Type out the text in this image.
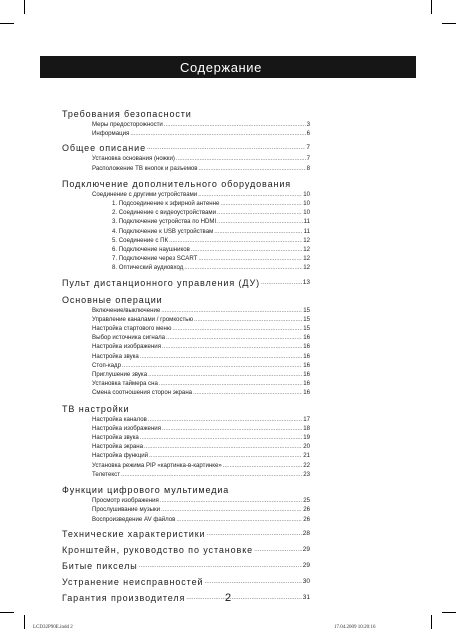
Содержание
Требования безопасности
Меры предосторожности .....	3
Информация .....	6
Общее описание .....	7
Установка основания (ножки) .....	7
Расположение ТВ кнопок и разъемов .....	8
Подключение дополнительного оборудования
Соединение с другими устройствами .....	10
1. Подсоединение к эфирной антенне .....	10
2. Соединение с видеоустройствами .....	10
3. Подключение устройства по HDMI .....	11
4. Подключение к USB устройствам .....	11
5. Соединение с ПК .....	12
6. Подключение наушников .....	12
7. Подключение через SCART .....	12
8. Оптический аудиовход .....	12
Пульт дистанционного управления (ДУ) .....	13
Основные операции
Включение/выключение .....	15
Управление каналами / громкостью .....	15
Настройка стартового меню .....	15
Выбор источника сигнала .....	16
Настройка изображения .....	16
Настройка звука .....	16
Стоп-кадр .....	16
Приглушение звука .....	16
Установка таймера сна .....	16
Смена соотношения сторон экрана .....	16
ТВ настройки
Настройка каналов .....	17
Настройка изображения .....	18
Настройка звука .....	19
Настройка экрана .....	20
Настройка функций .....	21
Установка режима PIP «картинка-в-картинке» .....	22
Телетекст .....	23
Функции цифрового мультимедиа
Просмотр изображения .....	25
Прослушивание музыки .....	26
Воспроизведение AV файлов .....	26
Технические характеристики .....	28
Кронштейн, руководство по установке .....	29
Битые пикселы .....	29
Устранение неисправностей .....	30
Гарантия производителя .....	31
2
LCD32P90E.indd 2	17.04.2009 10:20:16
